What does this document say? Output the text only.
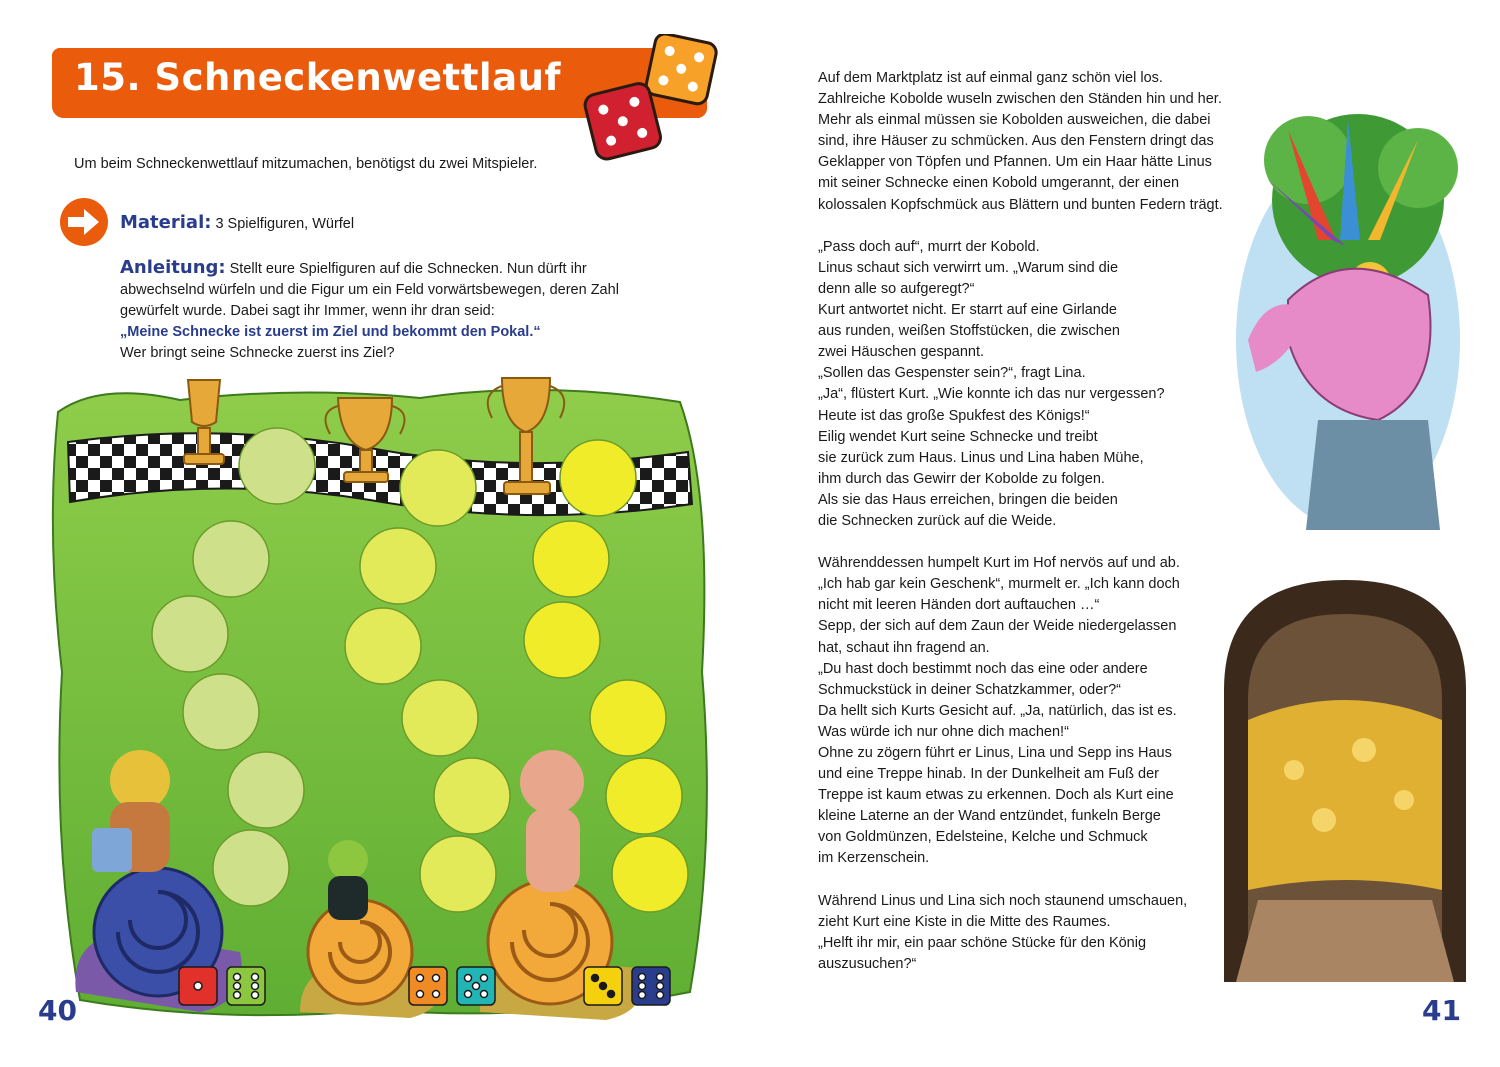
15. Schneckenwettlauf

Um beim Schneckenwettlauf mitzumachen, benötigst du zwei Mitspieler.

Material: 3 Spielfiguren, Würfel

Anleitung: Stellt eure Spielfiguren auf die Schnecken. Nun dürft ihr abwechselnd würfeln und die Figur um ein Feld vorwärtsbewegen, deren Zahl gewürfelt wurde. Dabei sagt ihr Immer, wenn ihr dran seid:
„Meine Schnecke ist zuerst im Ziel und bekommt den Pokal.“
Wer bringt seine Schnecke zuerst ins Ziel?

40

Auf dem Marktplatz ist auf einmal ganz schön viel los.

Zahlreiche Kobolde wuseln zwischen den Ständen hin und her.

Mehr als einmal müssen sie Kobolden ausweichen, die dabei

sind, ihre Häuser zu schmücken. Aus den Fenstern dringt das

Geklapper von Töpfen und Pfannen. Um ein Haar hätte Linus

mit seiner Schnecke einen Kobold umgerannt, der einen

kolossalen Kopfschmück aus Blättern und bunten Federn trägt.

„Pass doch auf“, murrt der Kobold.

Linus schaut sich verwirrt um. „Warum sind die

denn alle so aufgeregt?“

Kurt antwortet nicht. Er starrt auf eine Girlande

aus runden, weißen Stoffstücken, die zwischen

zwei Häuschen gespannt.

„Sollen das Gespenster sein?“, fragt Lina.

„Ja“, flüstert Kurt. „Wie konnte ich das nur vergessen?

Heute ist das große Spukfest des Königs!“

Eilig wendet Kurt seine Schnecke und treibt

sie zurück zum Haus. Linus und Lina haben Mühe,

ihm durch das Gewirr der Kobolde zu folgen.

Als sie das Haus erreichen, bringen die beiden

die Schnecken zurück auf die Weide.

Währenddessen humpelt Kurt im Hof nervös auf und ab.

„Ich hab gar kein Geschenk“, murmelt er. „Ich kann doch

nicht mit leeren Händen dort auftauchen …“

Sepp, der sich auf dem Zaun der Weide niedergelassen

hat, schaut ihn fragend an.

„Du hast doch bestimmt noch das eine oder andere

Schmuckstück in deiner Schatzkammer, oder?“

Da hellt sich Kurts Gesicht auf. „Ja, natürlich, das ist es.

Was würde ich nur ohne dich machen!“

Ohne zu zögern führt er Linus, Lina und Sepp ins Haus

und eine Treppe hinab. In der Dunkelheit am Fuß der

Treppe ist kaum etwas zu erkennen. Doch als Kurt eine

kleine Laterne an der Wand entzündet, funkeln Berge

von Goldmünzen, Edelsteine, Kelche und Schmuck

im Kerzenschein.

Während Linus und Lina sich noch staunend umschauen,

zieht Kurt eine Kiste in die Mitte des Raumes.

„Helft ihr mir, ein paar schöne Stücke für den König

auszusuchen?“

41
